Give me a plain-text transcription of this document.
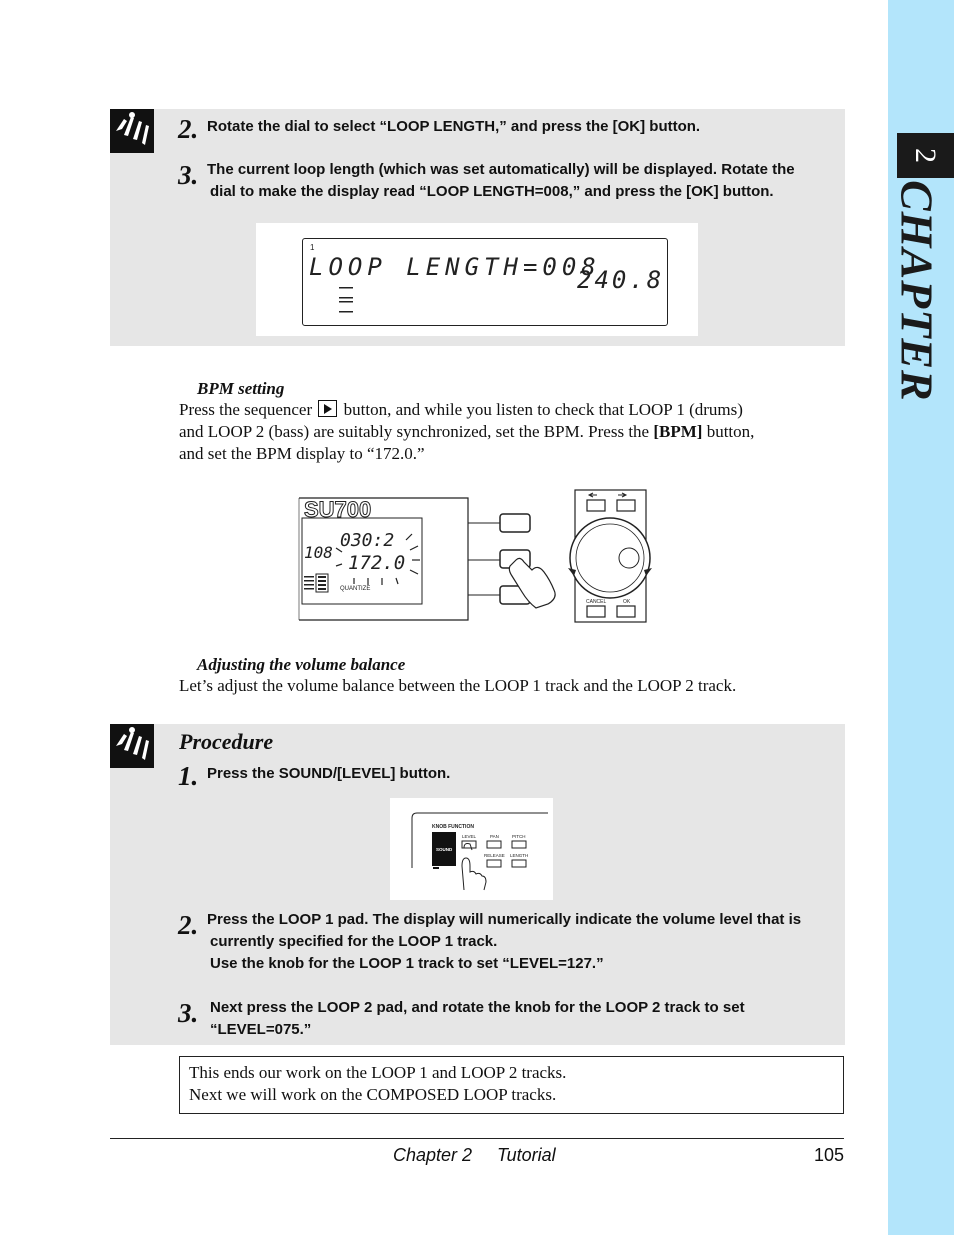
2
CHAPTER
2. Rotate the dial to select “LOOP LENGTH,” and press the [OK] button.
3. The current loop length (which was set automatically) will be displayed. Rotate the
dial to make the display read “LOOP LENGTH=008,” and press the [OK] button.
1
LOOP LENGTH=008
240.8
BPM setting
Press the sequencer button, and while you listen to check that LOOP 1 (drums)
and LOOP 2 (bass) are suitably synchronized, set the BPM. Press the [BPM] button,
and set the BPM display to “172.0.”
SU700
030:2
108 172.0
QUANTIZE
CANCEL	OK
Adjusting the volume balance
Let’s adjust the volume balance between the LOOP 1 track and the LOOP 2 track.
Procedure
1. Press the SOUND/[LEVEL] button.
KNOB FUNCTION
SOUND
LEVEL	PAN	PITCH
RELEASE LENGTH
2. Press the LOOP 1 pad. The display will numerically indicate the volume level that is
currently specified for the LOOP 1 track.
Use the knob for the LOOP 1 track to set “LEVEL=127.”
3. Next press the LOOP 2 pad, and rotate the knob for the LOOP 2 track to set
“LEVEL=075.”
This ends our work on the LOOP 1 and LOOP 2 tracks.
Next we will work on the COMPOSED LOOP tracks.
Chapter 2 Tutorial	105
